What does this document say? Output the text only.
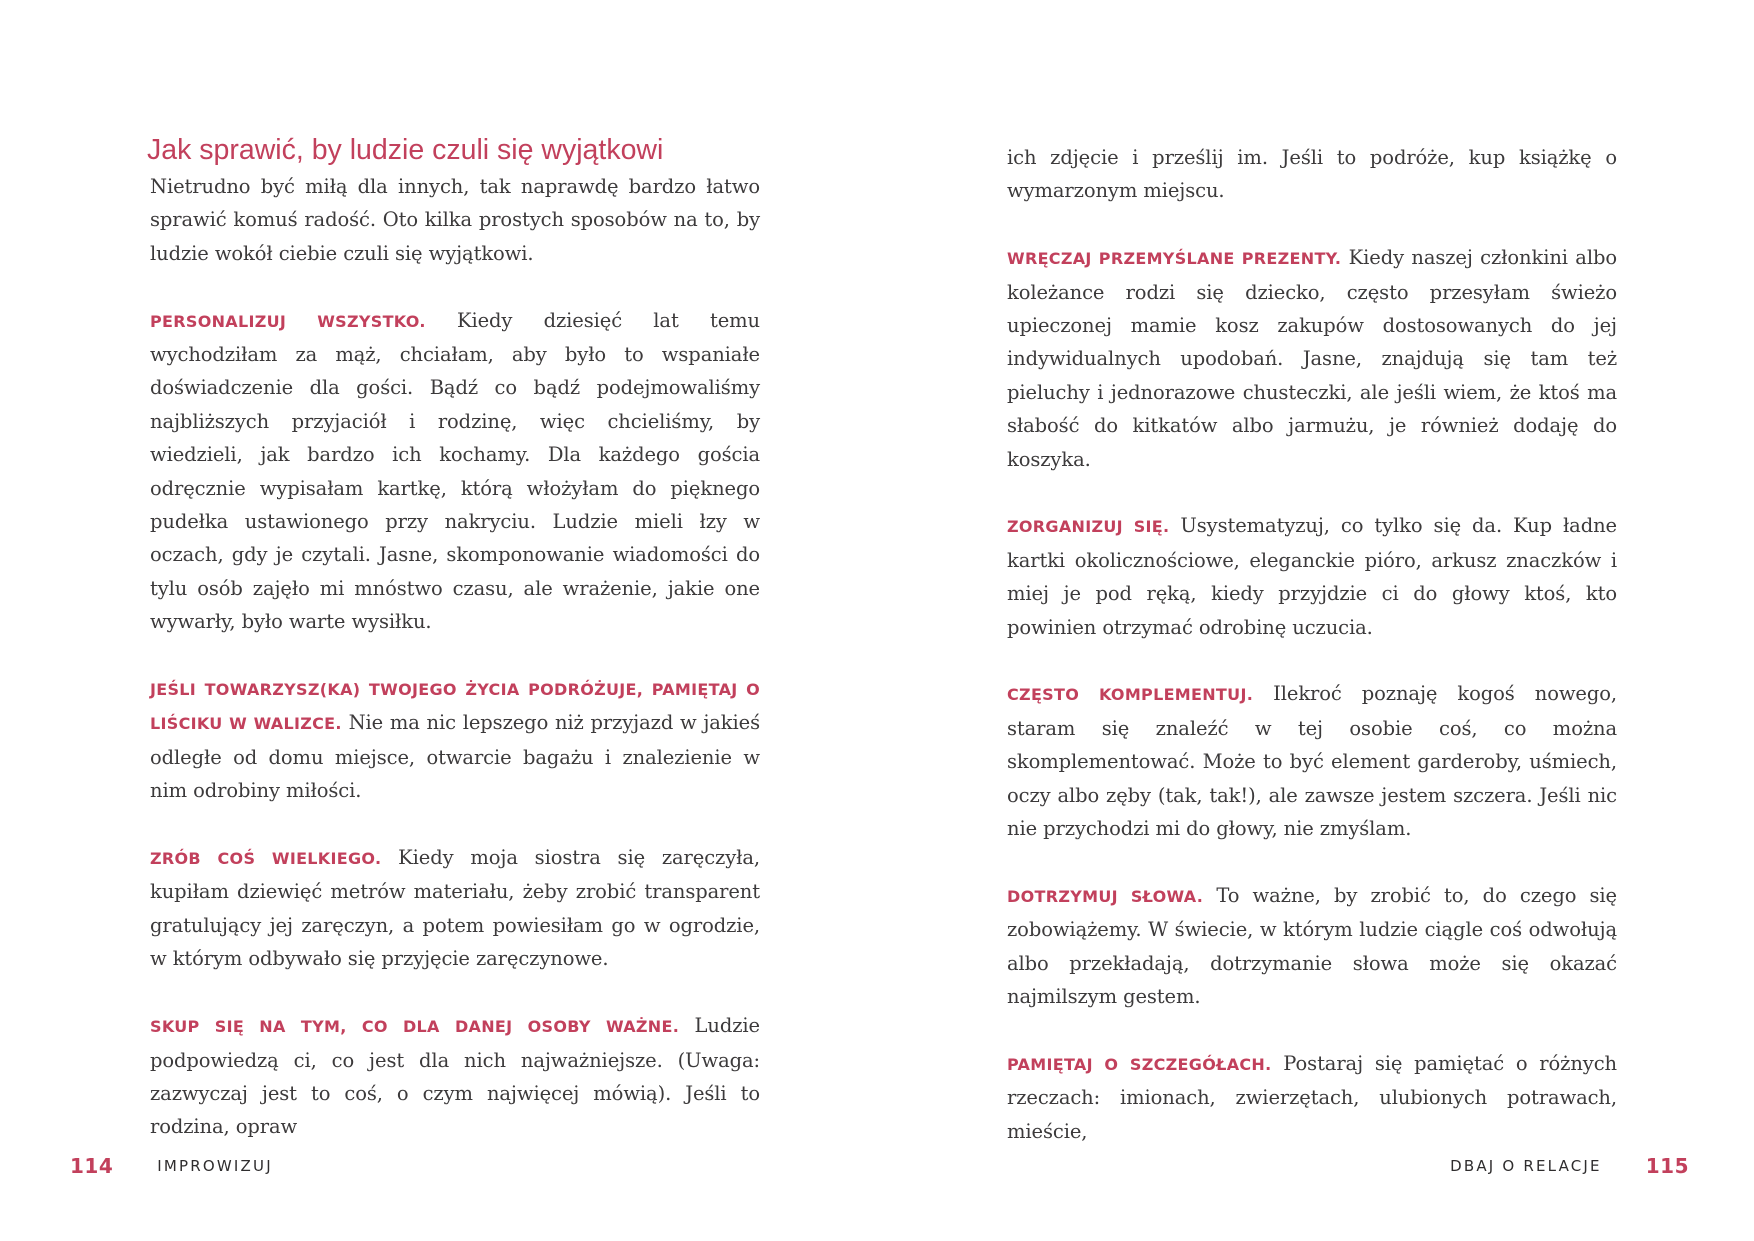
Jak sprawić, by ludzie czuli się wyjątkowi

Nietrudno być miłą dla innych, tak naprawdę bardzo łatwo sprawić komuś radość. Oto kilka prostych sposobów na to, by ludzie wokół ciebie czuli się wyjątkowi.

PERSONALIZUJ WSZYSTKO. Kiedy dziesięć lat temu wychodziłam za mąż, chciałam, aby było to wspaniałe doświadczenie dla gości. Bądź co bądź podejmowaliśmy najbliższych przyjaciół i rodzinę, więc chcieliśmy, by wiedzieli, jak bardzo ich kochamy. Dla każdego gościa odręcznie wypisałam kartkę, którą włożyłam do pięknego pudełka ustawionego przy nakryciu. Ludzie mieli łzy w oczach, gdy je czytali. Jasne, skomponowanie wiadomości do tylu osób zajęło mi mnóstwo czasu, ale wrażenie, jakie one wywarły, było warte wysiłku.

JEŚLI TOWARZYSZ(KA) TWOJEGO ŻYCIA PODRÓŻUJE, PAMIĘTAJ O LIŚCIKU W WALIZCE. Nie ma nic lepszego niż przyjazd w jakieś odległe od domu miejsce, otwarcie bagażu i znalezienie w nim odrobiny miłości.

ZRÓB COŚ WIELKIEGO. Kiedy moja siostra się zaręczyła, kupiłam dziewięć metrów materiału, żeby zrobić transparent gratulujący jej zaręczyn, a potem powiesiłam go w ogrodzie, w którym odbywało się przyjęcie zaręczynowe.

SKUP SIĘ NA TYM, CO DLA DANEJ OSOBY WAŻNE. Ludzie podpowiedzą ci, co jest dla nich najważniejsze. (Uwaga: zazwyczaj jest to coś, o czym najwięcej mówią). Jeśli to rodzina, opraw

114	IMPROWIZUJ

ich zdjęcie i prześlij im. Jeśli to podróże, kup książkę o wymarzonym miejscu.

WRĘCZAJ PRZEMYŚLANE PREZENTY. Kiedy naszej członkini albo koleżance rodzi się dziecko, często przesyłam świeżo upieczonej mamie kosz zakupów dostosowanych do jej indywidualnych upodobań. Jasne, znajdują się tam też pieluchy i jednorazowe chusteczki, ale jeśli wiem, że ktoś ma słabość do kitkatów albo jarmużu, je również dodaję do koszyka.

ZORGANIZUJ SIĘ. Usystematyzuj, co tylko się da. Kup ładne kartki okolicznościowe, eleganckie pióro, arkusz znaczków i miej je pod ręką, kiedy przyjdzie ci do głowy ktoś, kto powinien otrzymać odrobinę uczucia.

CZĘSTO KOMPLEMENTUJ. Ilekroć poznaję kogoś nowego, staram się znaleźć w tej osobie coś, co można skomplementować. Może to być element garderoby, uśmiech, oczy albo zęby (tak, tak!), ale zawsze jestem szczera. Jeśli nic nie przychodzi mi do głowy, nie zmyślam.

DOTRZYMUJ SŁOWA. To ważne, by zrobić to, do czego się zobowiążemy. W świecie, w którym ludzie ciągle coś odwołują albo przekładają, dotrzymanie słowa może się okazać najmilszym gestem.

PAMIĘTAJ O SZCZEGÓŁACH. Postaraj się pamiętać o różnych rzeczach: imionach, zwierzętach, ulubionych potrawach, mieście,

DBAJ O RELACJE 115
